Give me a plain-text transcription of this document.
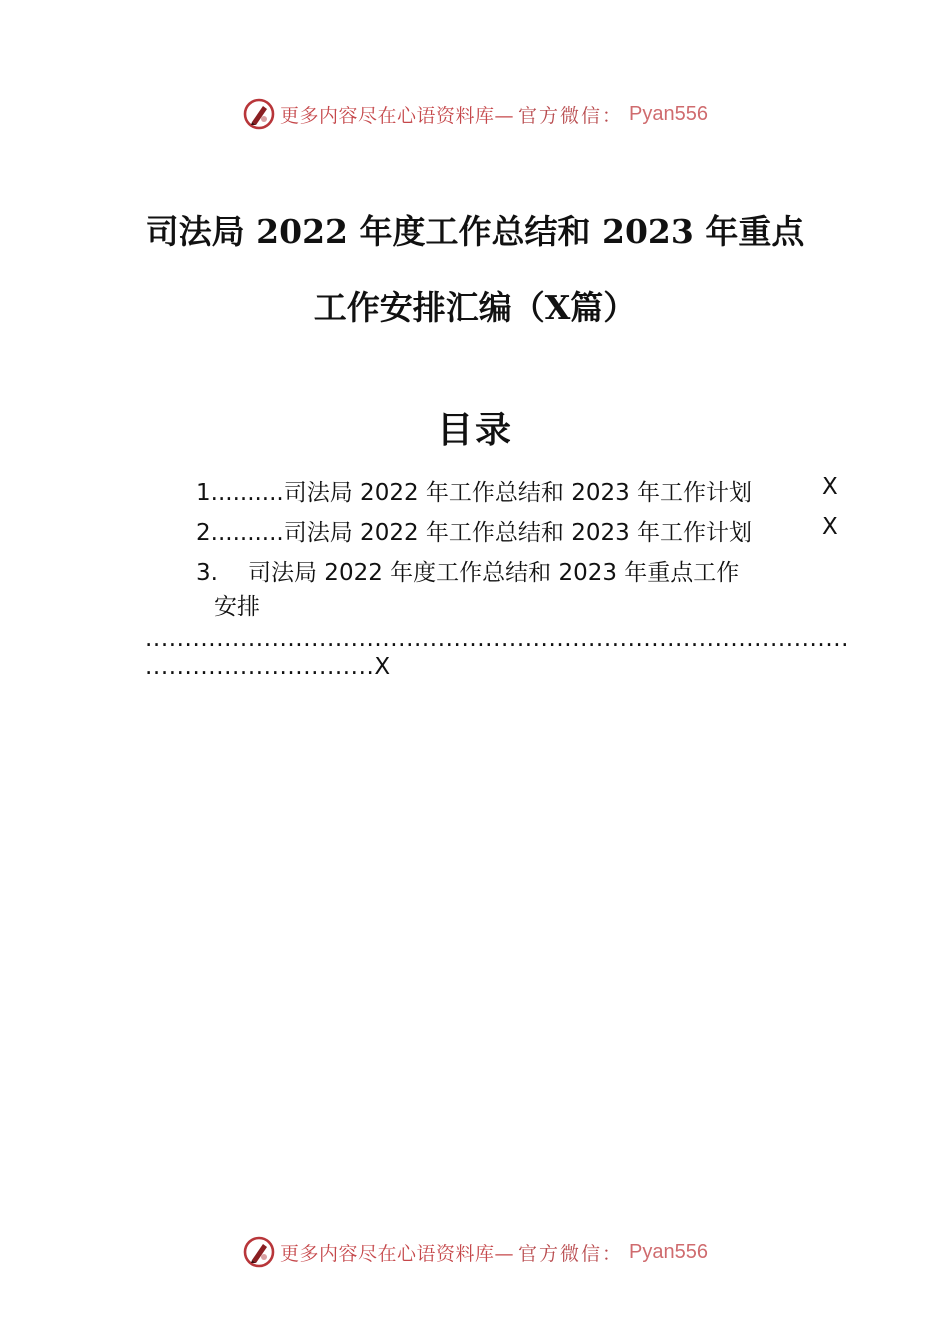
更多内容尽在心语资料库— 官方微信： Pyan556
司法局 2022 年度工作总结和 2023 年重点
工作安排汇编（X篇）
目录
1..........司法局 2022 年工作总结和 2023 年工作计划	X
2..........司法局 2022 年工作总结和 2023 年工作计划	X
3. 司法局 2022 年度工作总结和 2023 年重点工作
安排
.........................................................................................
.............................X
更多内容尽在心语资料库— 官方微信： Pyan556
